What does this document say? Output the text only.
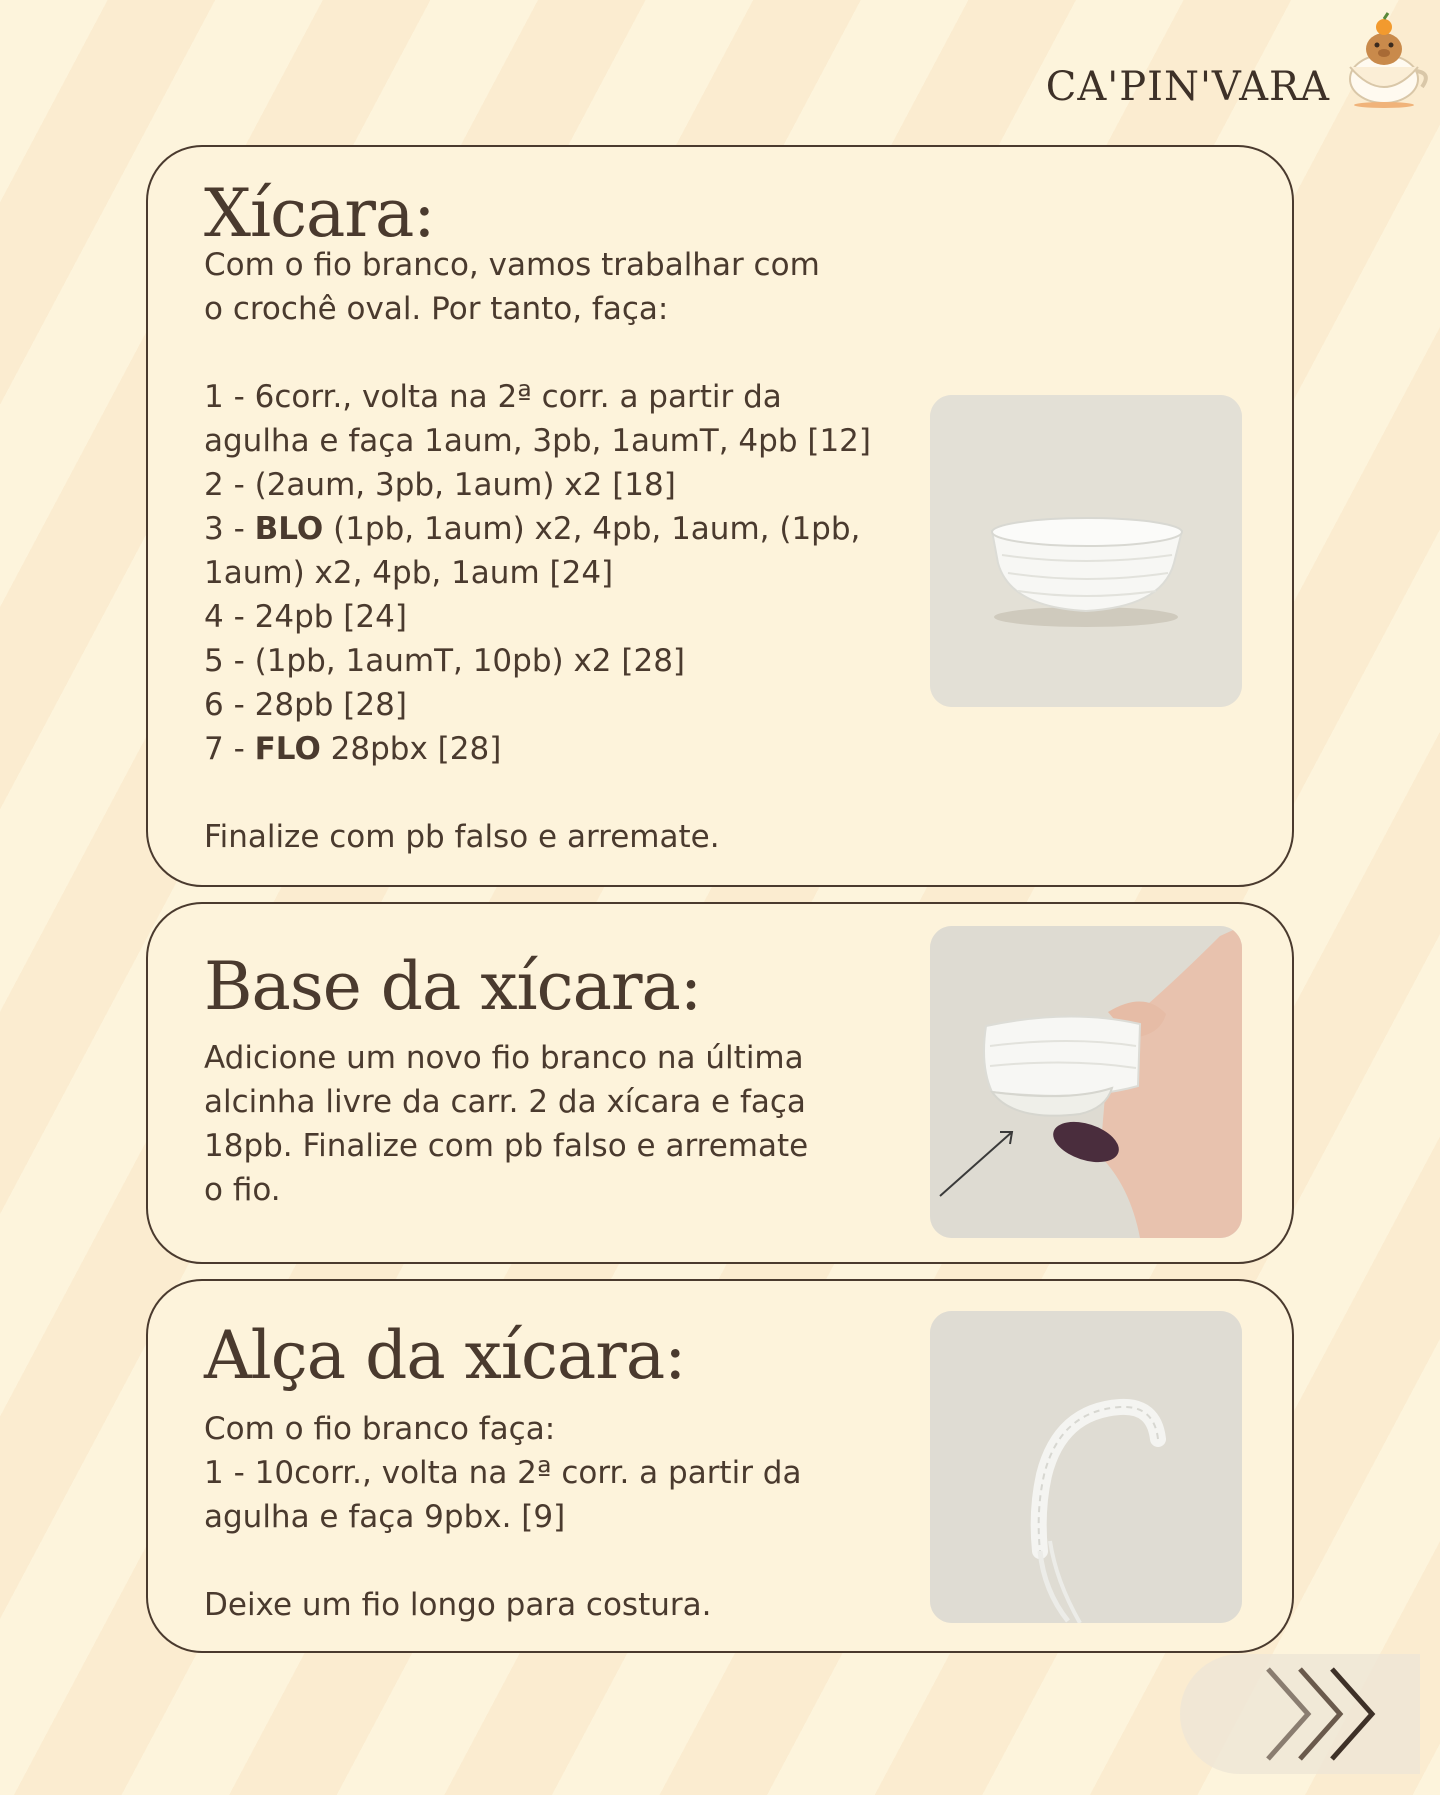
CA'PIN'VARA
Xícara:

Com o fio branco, vamos trabalhar com

o crochê oval. Por tanto, faça:

1 - 6corr., volta na 2ª corr. a partir da

agulha e faça 1aum, 3pb, 1aumT, 4pb [12]

2 - (2aum, 3pb, 1aum) x2 [18]

3 - BLO (1pb, 1aum) x2, 4pb, 1aum, (1pb,

1aum) x2, 4pb, 1aum [24]

4 - 24pb [24]

5 - (1pb, 1aumT, 10pb) x2 [28]

6 - 28pb [28]

7 - FLO 28pbx [28]

Finalize com pb falso e arremate.

Base da xícara:

Adicione um novo fio branco na última

alcinha livre da carr. 2 da xícara e faça

18pb. Finalize com pb falso e arremate

o fio.

Alça da xícara:

Com o fio branco faça:

1 - 10corr., volta na 2ª corr. a partir da

agulha e faça 9pbx. [9]

Deixe um fio longo para costura.
